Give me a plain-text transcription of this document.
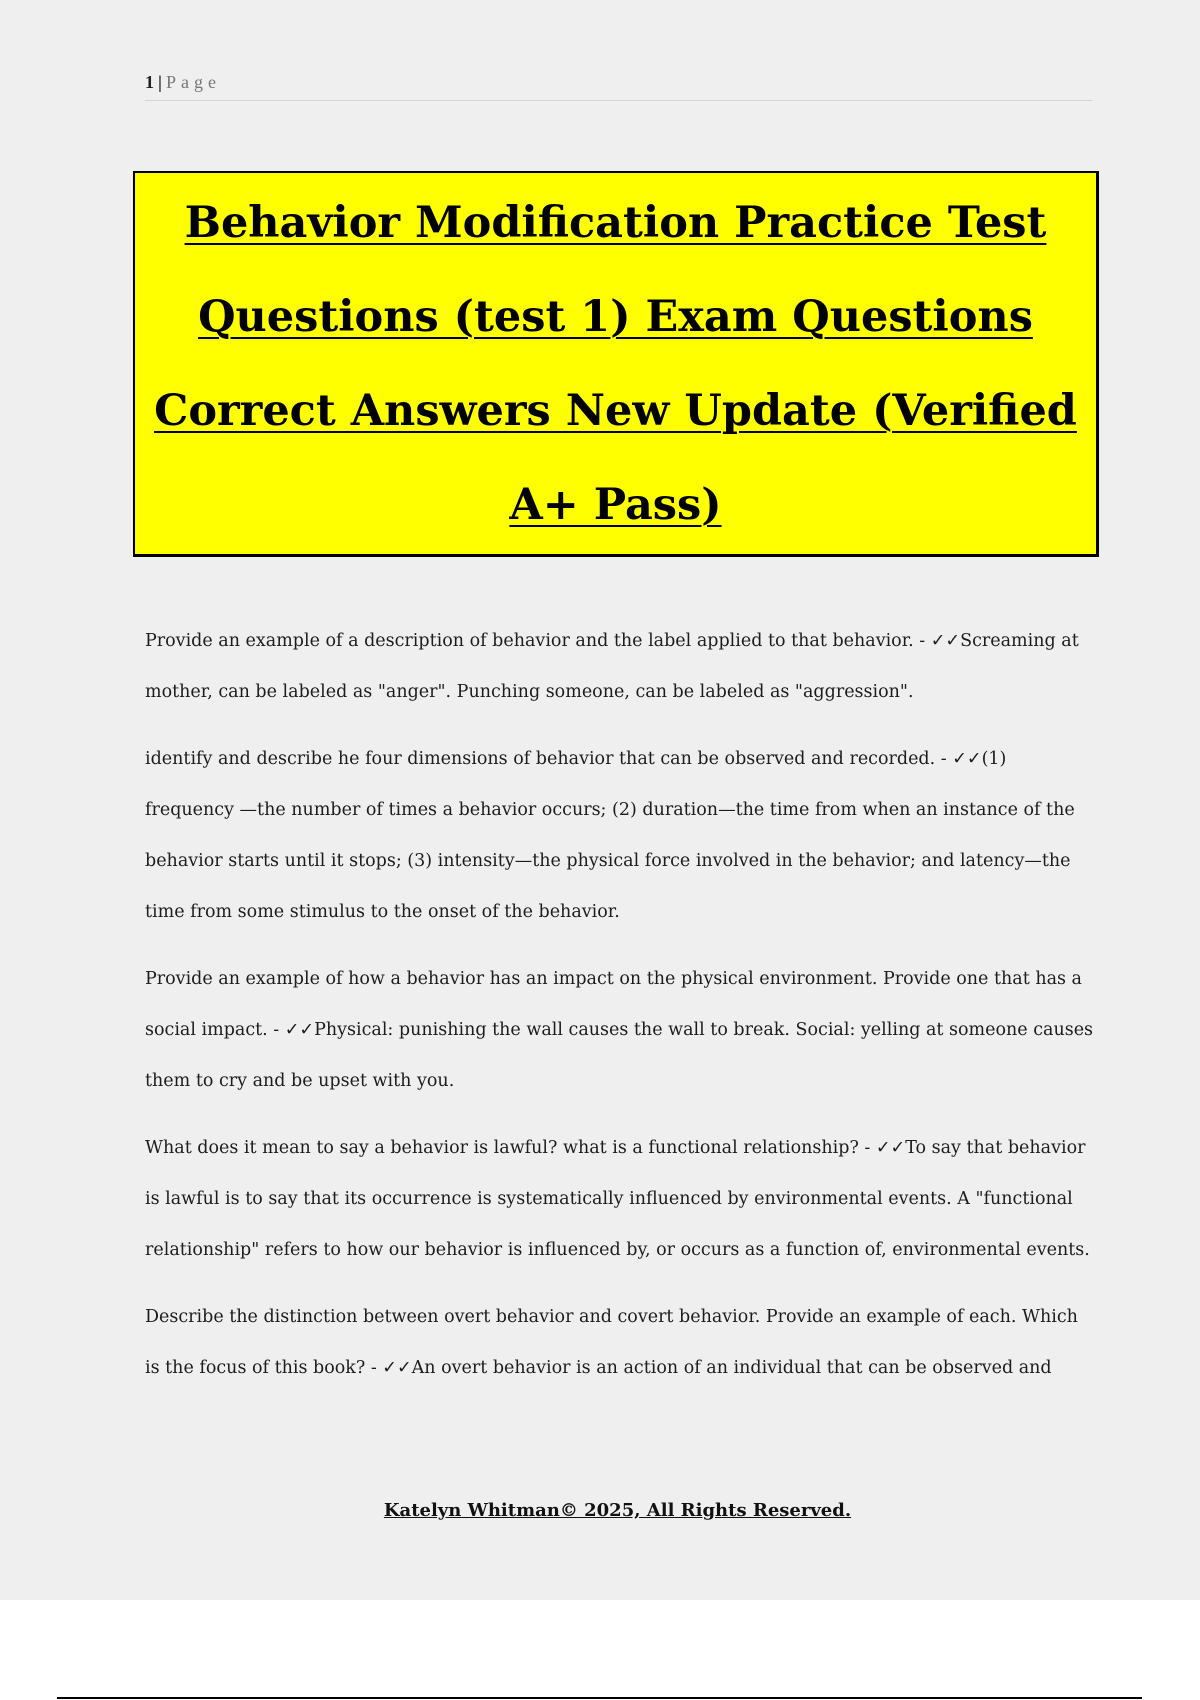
1 | Page
Behavior Modification Practice Test Questions (test 1) Exam Questions Correct Answers New Update (Verified A+ Pass)

Provide an example of a description of behavior and the label applied to that behavior. - ✓✓Screaming at mother, can be labeled as "anger". Punching someone, can be labeled as "aggression".

identify and describe he four dimensions of behavior that can be observed and recorded. - ✓✓(1) frequency —the number of times a behavior occurs; (2) duration—the time from when an instance of the behavior starts until it stops; (3) intensity—the physical force involved in the behavior; and latency—the time from some stimulus to the onset of the behavior.

Provide an example of how a behavior has an impact on the physical environment. Provide one that has a social impact. - ✓✓Physical: punishing the wall causes the wall to break. Social: yelling at someone causes them to cry and be upset with you.

What does it mean to say a behavior is lawful? what is a functional relationship? - ✓✓To say that behavior is lawful is to say that its occurrence is systematically influenced by environmental events. A "functional relationship" refers to how our behavior is influenced by, or occurs as a function of, environmental events.

Describe the distinction between overt behavior and covert behavior. Provide an example of each. Which is the focus of this book? - ✓✓An overt behavior is an action of an individual that can be observed and

Katelyn Whitman© 2025, All Rights Reserved.
